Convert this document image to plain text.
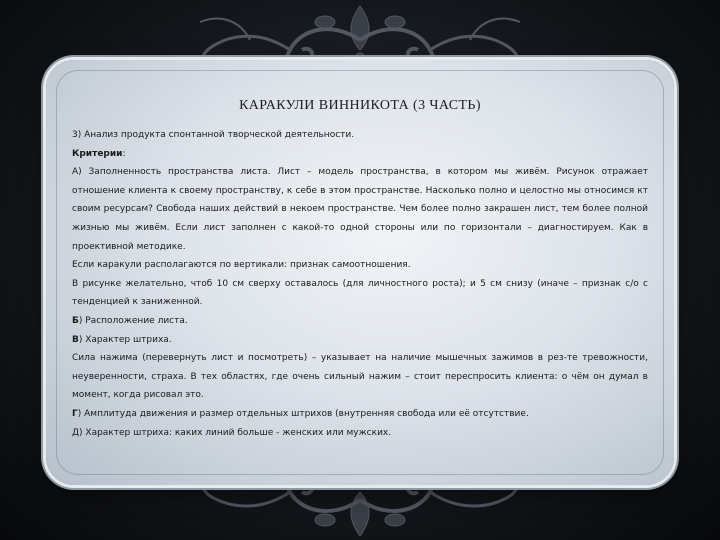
КАРАКУЛИ ВИННИКОТА (3 ЧАСТЬ)

3) Анализ продукта спонтанной творческой деятельности.

Критерии:

А) Заполненность пространства листа. Лист – модель пространства, в котором мы живём. Рисунок отражает отношение клиента к своему пространству, к себе в этом пространстве. Насколько полно и целостно мы относимся кт своим ресурсам? Свобода наших действий в некоем пространстве. Чем более полно закрашен лист, тем более полной жизнью мы живём. Если лист заполнен с какой-то одной стороны или по горизонтали – диагностируем. Как в проективной методике.

Если каракули располагаются по вертикали: признак самоотношения.

В рисунке желательно, чтоб 10 см сверху оставалось (для личностного роста); и 5 см снизу (иначе – признак с/о с тенденцией к заниженной.

Б) Расположение листа.

В) Характер штриха.

Сила нажима (перевернуть лист и посмотреть) – указывает на наличие мышечных зажимов в рез-те тревожности, неуверенности, страха. В тех областях, где очень сильный нажим – стоит переспросить клиента: о чём он думал в момент, когда рисовал это.

Г) Амплитуда движения и размер отдельных штрихов (внутренняя свобода или её отсутствие.

Д) Характер штриха: каких линий больше - женских или мужских.
